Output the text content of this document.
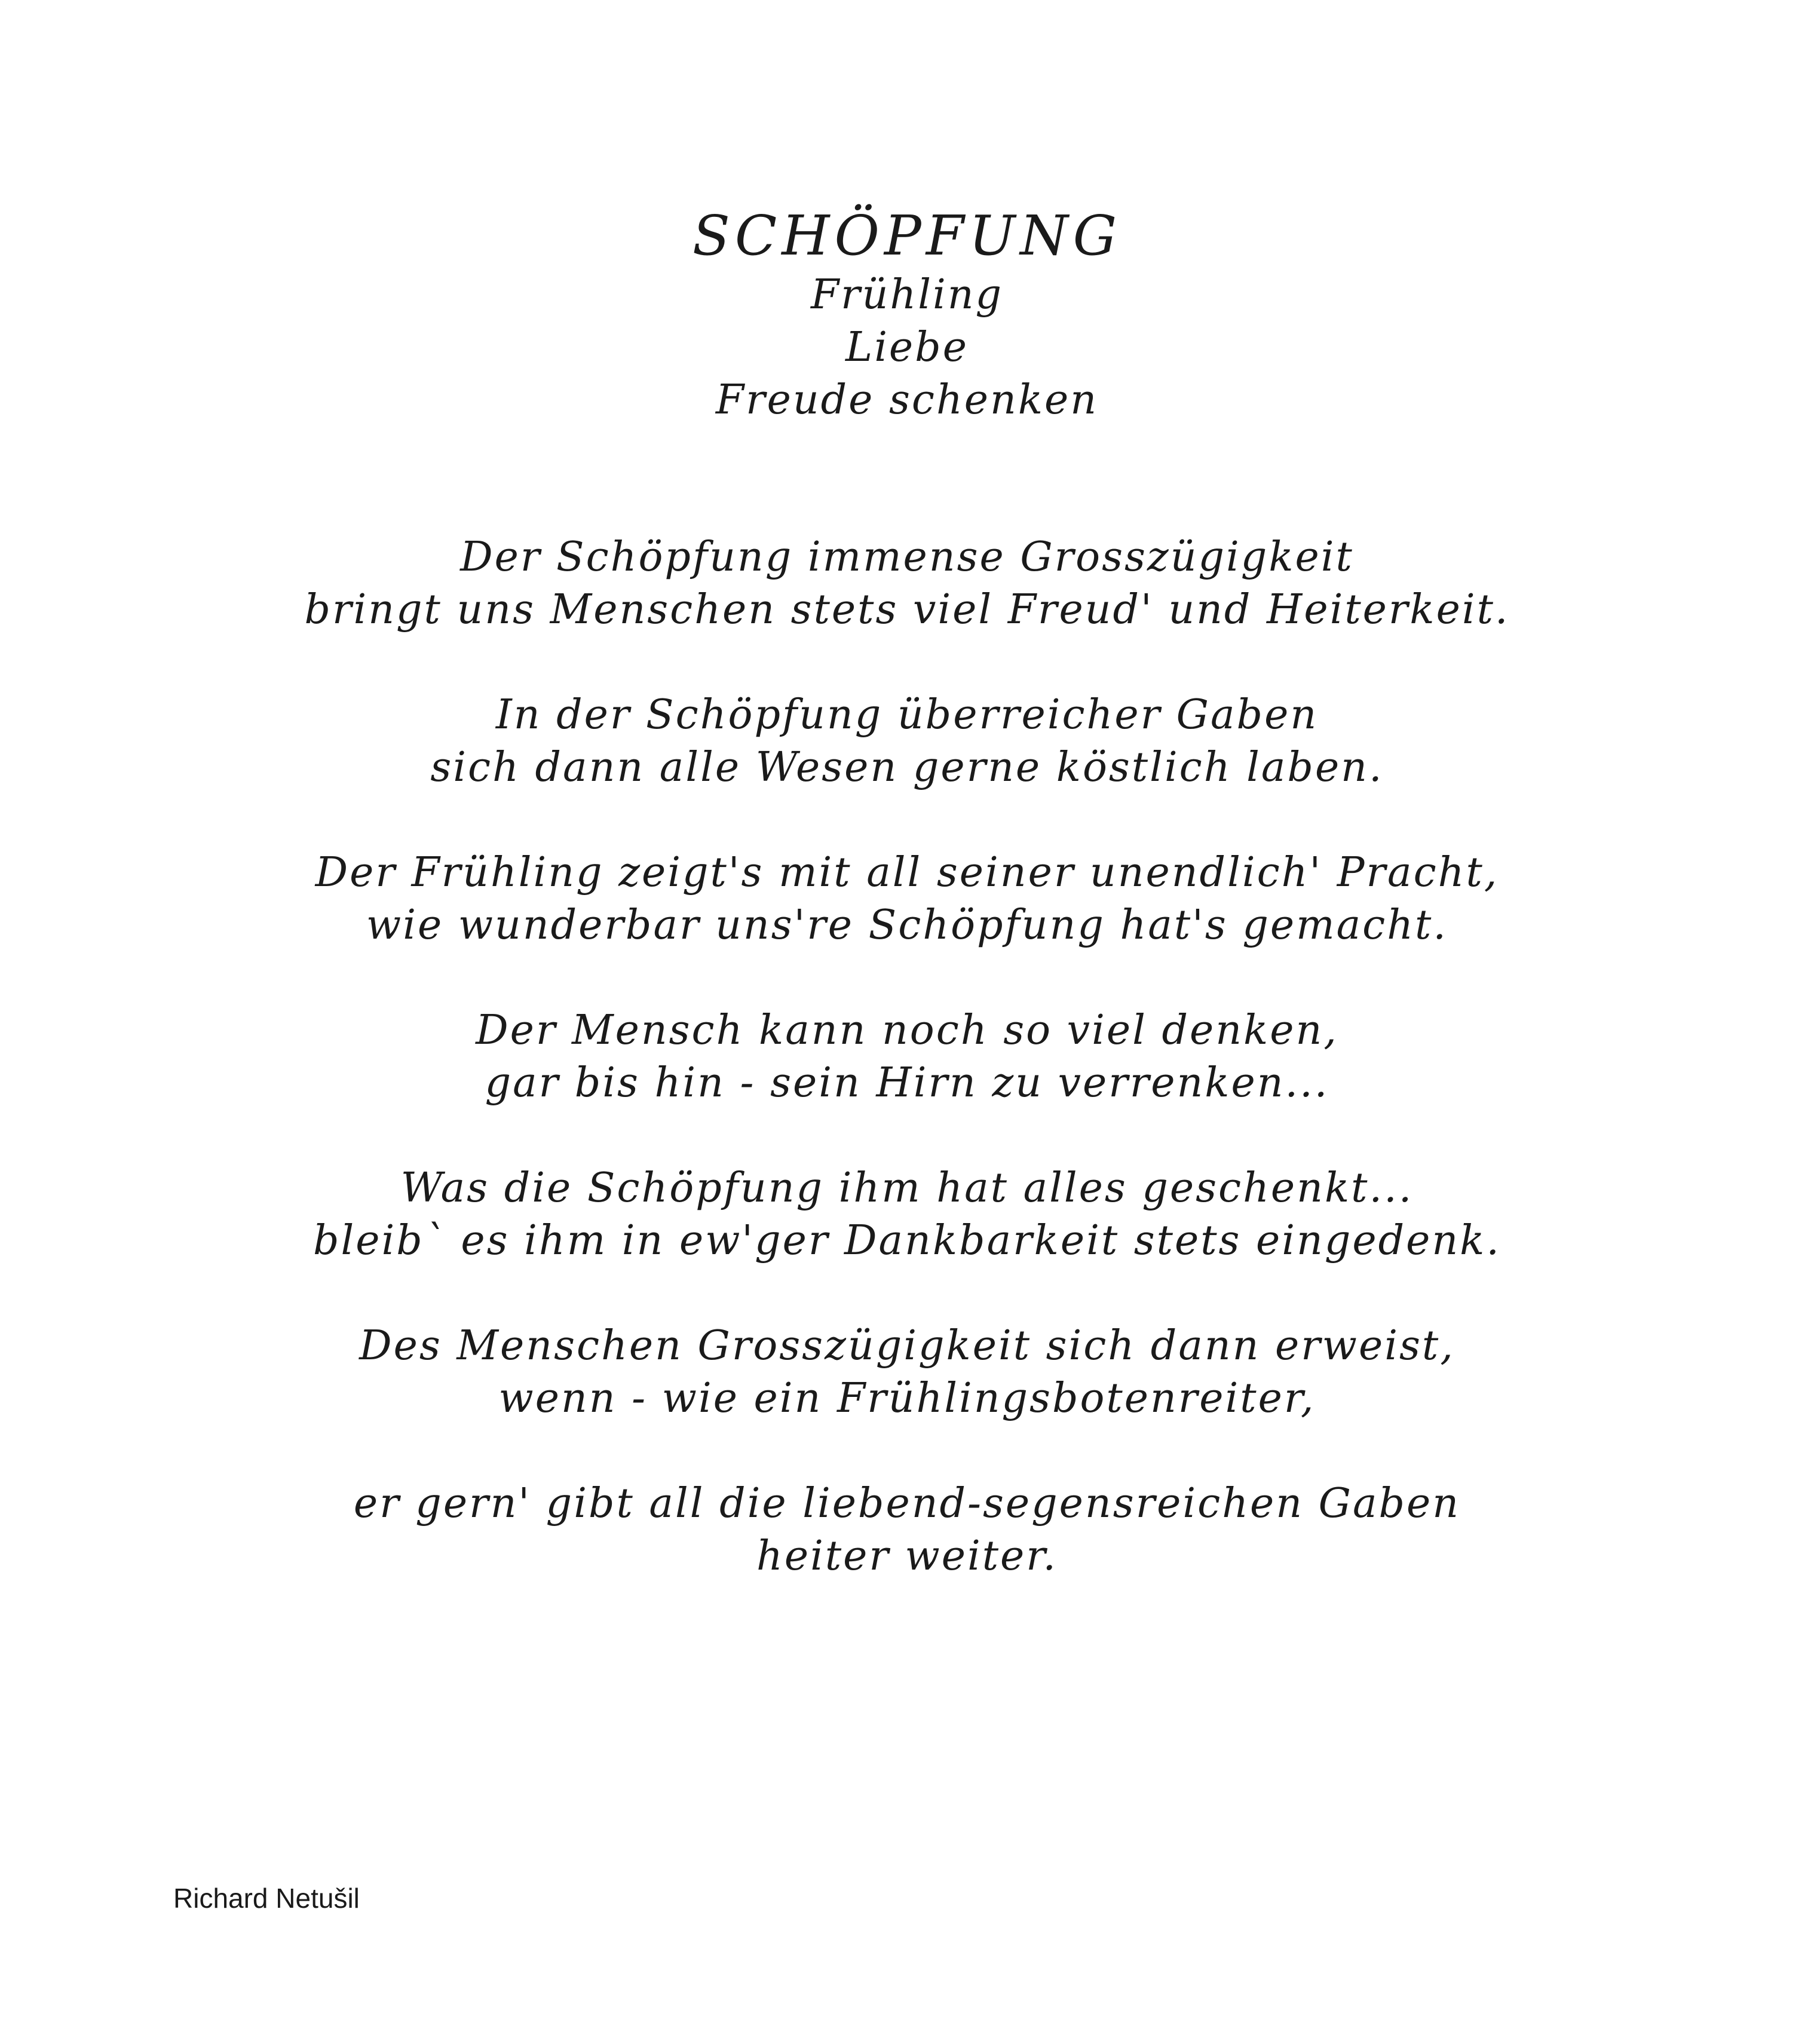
SCHÖPFUNG
Frühling
Liebe
Freude schenken
Der Schöpfung immense Grosszügigkeit
bringt uns Menschen stets viel Freud' und Heiterkeit.
In der Schöpfung überreicher Gaben
sich dann alle Wesen gerne köstlich laben.
Der Frühling zeigt's mit all seiner unendlich' Pracht,
wie wunderbar uns're Schöpfung hat's gemacht.
Der Mensch kann noch so viel denken,
gar bis hin - sein Hirn zu verrenken...
Was die Schöpfung ihm hat alles geschenkt...
bleib` es ihm in ew'ger Dankbarkeit stets eingedenk.
Des Menschen Grosszügigkeit sich dann erweist,
wenn - wie ein Frühlingsbotenreiter,
er gern' gibt all die liebend-segensreichen Gaben
heiter weiter.
Richard Netušil
